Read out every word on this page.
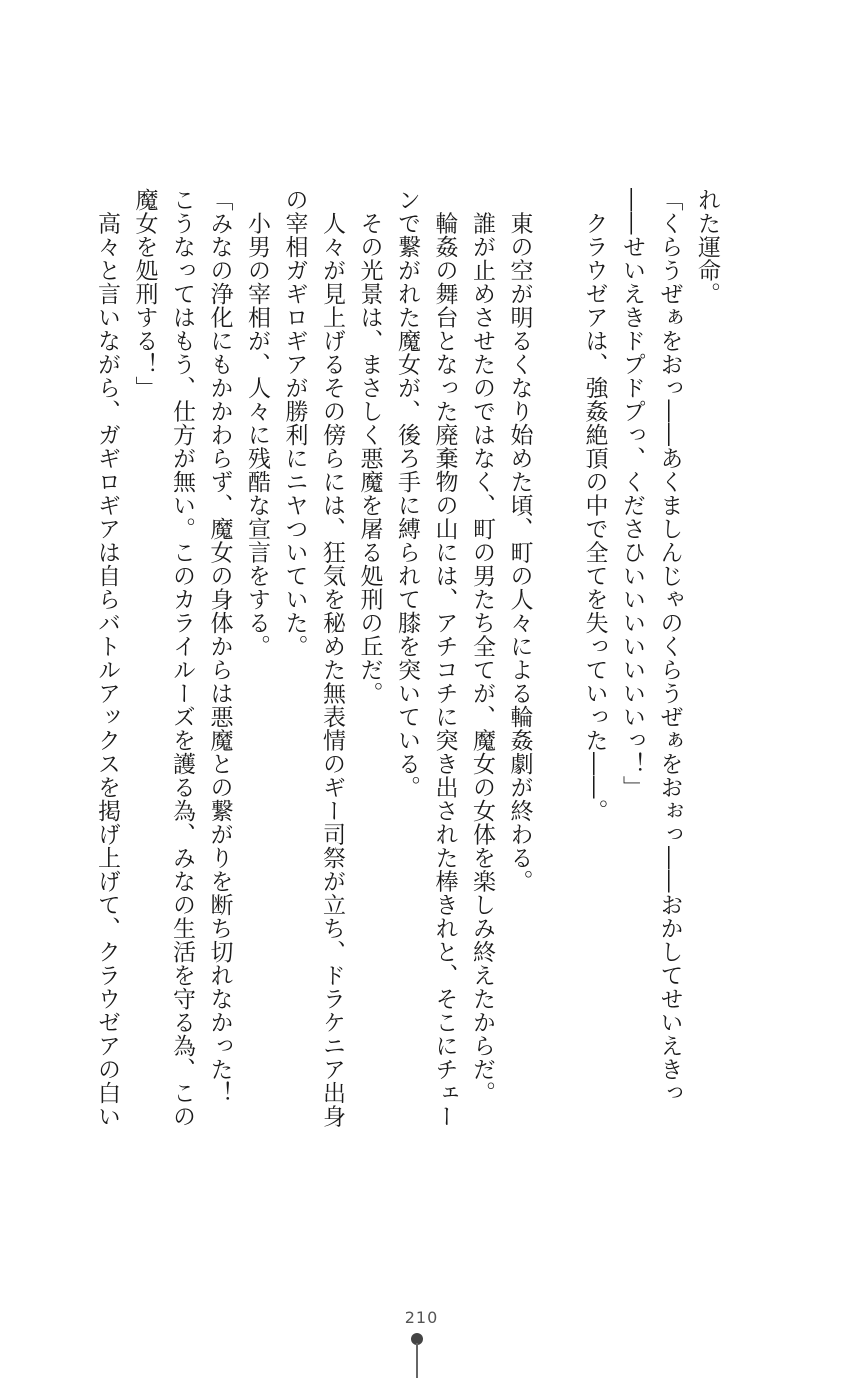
れた運命。
「くらうぜぁをおっ――あくましんじゃのくらうぜぁをおぉっ――おかしてせいえきっ
――せいえきドプドプっ、くださひいいいいいいいっ！」
　クラウゼアは、強姦絶頂の中で全てを失っていった――。
　東の空が明るくなり始めた頃、町の人々による輪姦劇が終わる。
　誰が止めさせたのではなく、町の男たち全てが、魔女の女体を楽しみ終えたからだ。
　輪姦の舞台となった廃棄物の山には、アチコチに突き出された棒きれと、そこにチェー
ンで繋がれた魔女が、後ろ手に縛られて膝を突いている。
　その光景は、まさしく悪魔を屠る処刑の丘だ。
　人々が見上げるその傍らには、狂気を秘めた無表情のギー司祭が立ち、ドラケニア出身
の宰相ガギロギアが勝利にニヤついていた。
　小男の宰相が、人々に残酷な宣言をする。
「みなの浄化にもかかわらず、魔女の身体からは悪魔との繋がりを断ち切れなかった！
こうなってはもう、仕方が無い。このカライルーズを護る為、みなの生活を守る為、この
魔女を処刑する！」
　高々と言いながら、ガギロギアは自らバトルアックスを掲げ上げて、クラウゼアの白い
210
